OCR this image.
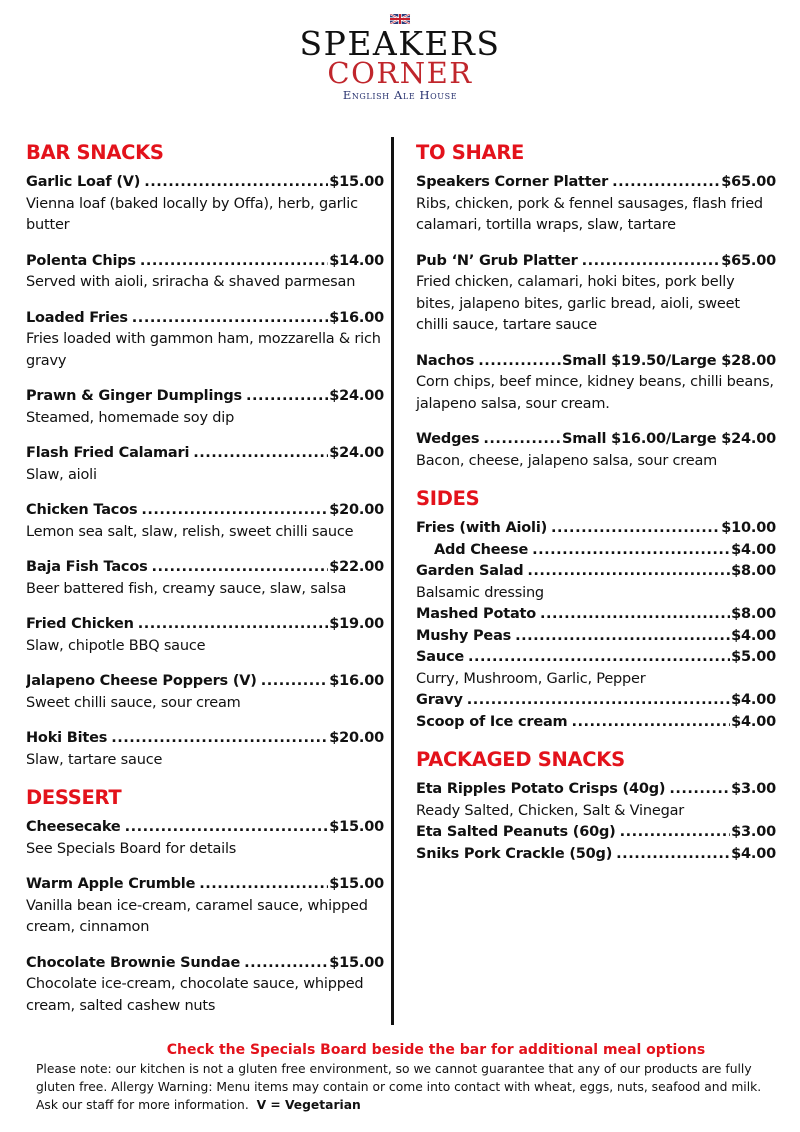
SPEAKERS
CORNER
English Ale House
BAR SNACKS
Garlic Loaf (V) .....	$15.00
Vienna loaf (baked locally by Offa), herb, garlic butter
Polenta Chips .....	$14.00
Served with aioli, sriracha & shaved parmesan
Loaded Fries .....	$16.00
Fries loaded with gammon ham, mozzarella & rich gravy
Prawn & Ginger Dumplings .....	$24.00
Steamed, homemade soy dip
Flash Fried Calamari .....	$24.00
Slaw, aioli
Chicken Tacos .....	$20.00
Lemon sea salt, slaw, relish, sweet chilli sauce
Baja Fish Tacos .....	$22.00
Beer battered fish, creamy sauce, slaw, salsa
Fried Chicken .....	$19.00
Slaw, chipotle BBQ sauce
Jalapeno Cheese Poppers (V) .....	$16.00
Sweet chilli sauce, sour cream
Hoki Bites .....	$20.00
Slaw, tartare sauce
DESSERT
Cheesecake .....	$15.00
See Specials Board for details
Warm Apple Crumble .....	$15.00
Vanilla bean ice-cream, caramel sauce, whipped cream, cinnamon
Chocolate Brownie Sundae .....	$15.00
Chocolate ice-cream, chocolate sauce, whipped cream, salted cashew nuts
TO SHARE
Speakers Corner Platter .....	$65.00
Ribs, chicken, pork & fennel sausages, flash fried calamari, tortilla wraps, slaw, tartare
Pub ‘N’ Grub Platter .....	$65.00
Fried chicken, calamari, hoki bites, pork belly bites, jalapeno bites, garlic bread, aioli, sweet chilli sauce, tartare sauce
Nachos .....	Small $19.50/Large $28.00
Corn chips, beef mince, kidney beans, chilli beans, jalapeno salsa, sour cream.
Wedges .....	Small $16.00/Large $24.00
Bacon, cheese, jalapeno salsa, sour cream
SIDES
Fries (with Aioli) .....	$10.00
Add Cheese .....	$4.00
Garden Salad .....	$8.00
Balsamic dressing
Mashed Potato .....	$8.00
Mushy Peas .....	$4.00
Sauce .....	$5.00
Curry, Mushroom, Garlic, Pepper
Gravy .....	$4.00
Scoop of Ice cream .....	$4.00
PACKAGED SNACKS
Eta Ripples Potato Crisps (40g) .....	$3.00
Ready Salted, Chicken, Salt & Vinegar
Eta Salted Peanuts (60g) .....	$3.00
Sniks Pork Crackle (50g) .....	$4.00
Check the Specials Board beside the bar for additional meal options
Please note: our kitchen is not a gluten free environment, so we cannot guarantee that any of our products are fully gluten free. Allergy Warning: Menu items may contain or come into contact with wheat, eggs, nuts, seafood and milk. Ask our staff for more information. V = Vegetarian
